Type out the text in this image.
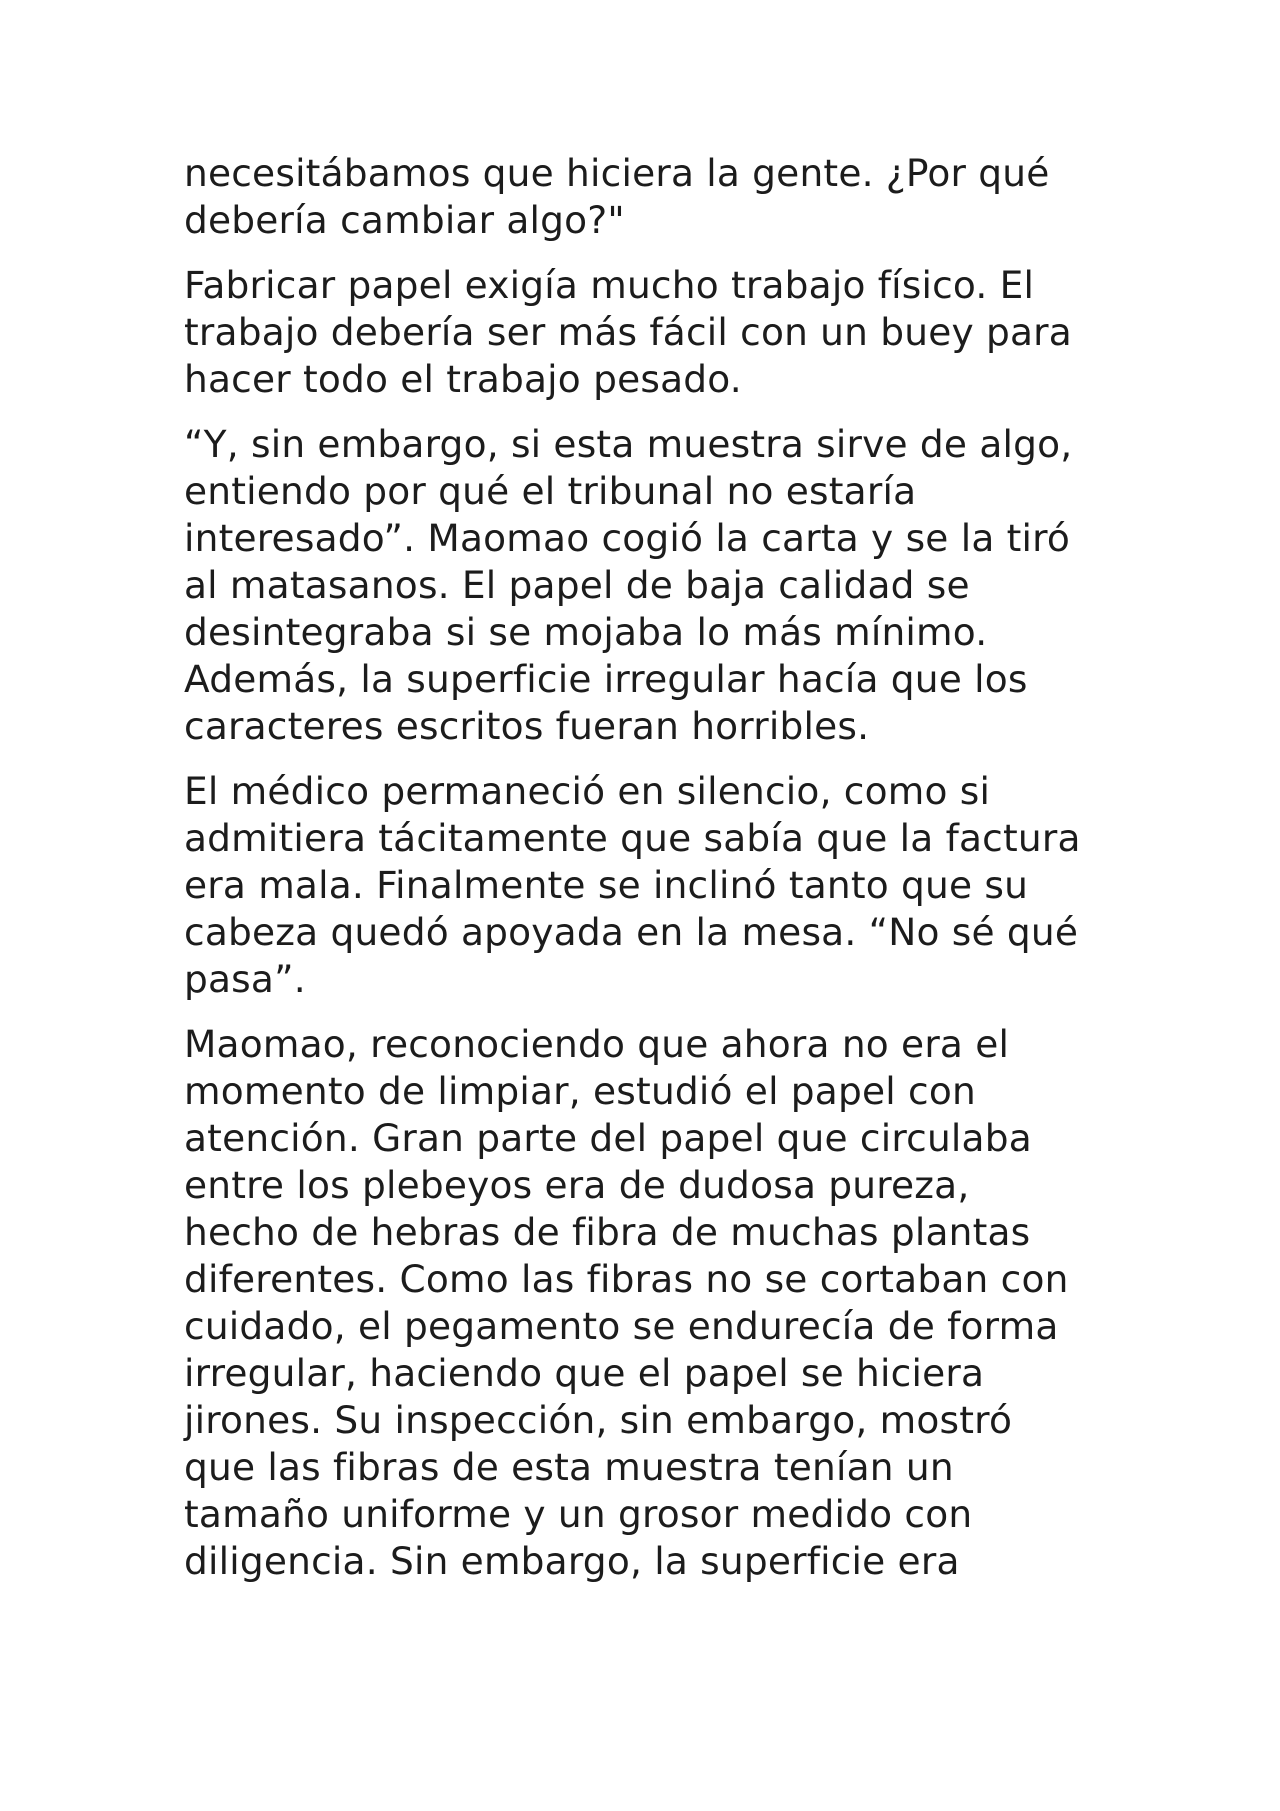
necesitábamos que hiciera la gente. ¿Por qué
debería cambiar algo?"

Fabricar papel exigía mucho trabajo físico. El
trabajo debería ser más fácil con un buey para
hacer todo el trabajo pesado.

“Y, sin embargo, si esta muestra sirve de algo,
entiendo por qué el tribunal no estaría
interesado”. Maomao cogió la carta y se la tiró
al matasanos. El papel de baja calidad se
desintegraba si se mojaba lo más mínimo.
Además, la superficie irregular hacía que los
caracteres escritos fueran horribles.

El médico permaneció en silencio, como si
admitiera tácitamente que sabía que la factura
era mala. Finalmente se inclinó tanto que su
cabeza quedó apoyada en la mesa. “No sé qué
pasa”.

Maomao, reconociendo que ahora no era el
momento de limpiar, estudió el papel con
atención. Gran parte del papel que circulaba
entre los plebeyos era de dudosa pureza,
hecho de hebras de fibra de muchas plantas
diferentes. Como las fibras no se cortaban con
cuidado, el pegamento se endurecía de forma
irregular, haciendo que el papel se hiciera
jirones. Su inspección, sin embargo, mostró
que las fibras de esta muestra tenían un
tamaño uniforme y un grosor medido con
diligencia. Sin embargo, la superficie era
